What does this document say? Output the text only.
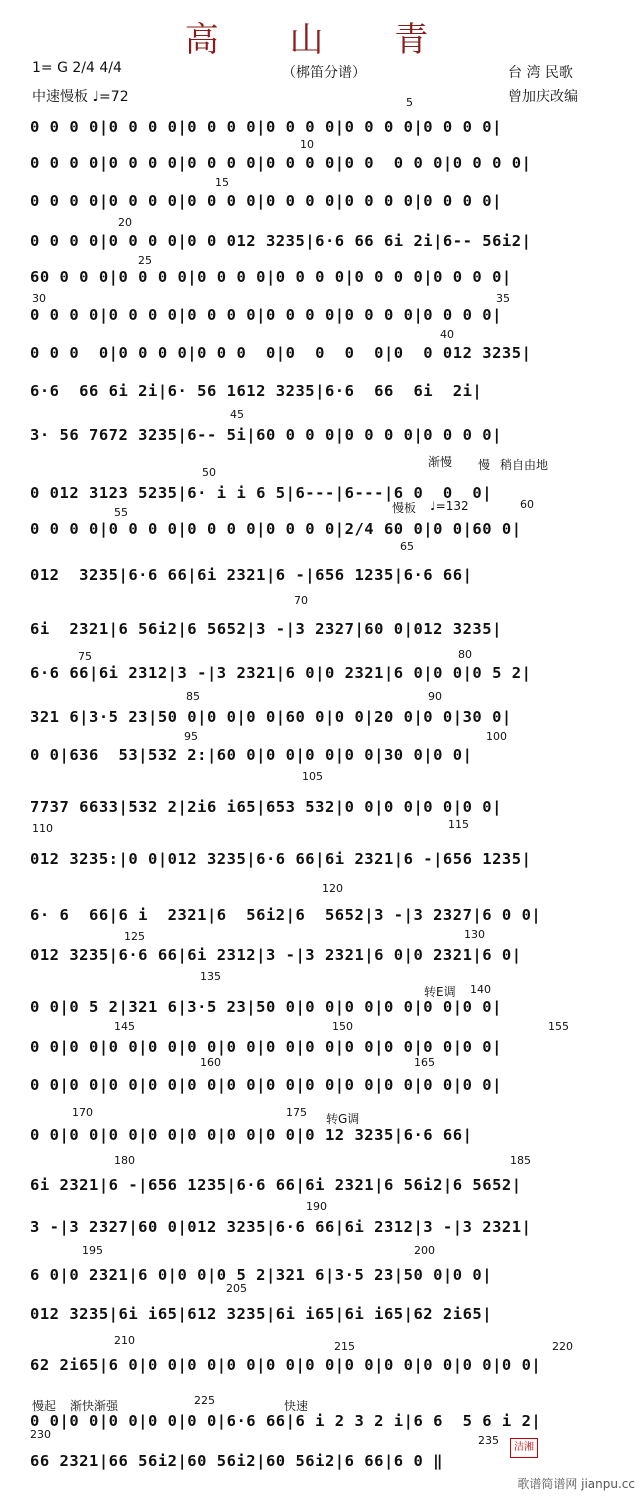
高 山 青
（梆笛分谱）
1= G 2/4 4/4
中速慢板 ♩=72
台 湾 民歌
曾加庆改编
0 0 0 0|0 0 0 0|0 0 0 0|0 0 0 0|0 0 0 0|0 0 0 0|
0 0 0 0|0 0 0 0|0 0 0 0|0 0 0 0|0 0  0 0 0|0 0 0 0|
0 0 0 0|0 0 0 0|0 0 0 0|0 0 0 0|0 0 0 0|0 0 0 0|
0 0 0 0|0 0 0 0|0 0 012 3235|6·6 66 6i 2i|6-- 56i2|
60 0 0 0|0 0 0 0|0 0 0 0|0 0 0 0|0 0 0 0|0 0 0 0|
0 0 0 0|0 0 0 0|0 0 0 0|0 0 0 0|0 0 0 0|0 0 0 0|
0 0 0  0|0 0 0 0|0 0 0  0|0  0  0  0|0  0 012 3235|
6·6  66 6i 2i|6· 56 1612 3235|6·6  66  6i  2i|
3· 56 7672 3235|6-- 5i|60 0 0 0|0 0 0 0|0 0 0 0|
0 012 3123 5235|6· i i 6 5|6---|6---|6 0  0  0|
0 0 0 0|0 0 0 0|0 0 0 0|0 0 0 0|2/4 60 0|0 0|60 0|
012  3235|6·6 66|6i 2321|6 -|656 1235|6·6 66|
6i  2321|6 56i2|6 5652|3 -|3 2327|60 0|012 3235|
6·6 66|6i 2312|3 -|3 2321|6 0|0 2321|6 0|0 0|0 5 2|
321 6|3·5 23|50 0|0 0|0 0|60 0|0 0|20 0|0 0|30 0|
0 0|636  53|532 2:|60 0|0 0|0 0|0 0|30 0|0 0|
7737 6633|532 2|2i6 i65|653 532|0 0|0 0|0 0|0 0|
012 3235:|0 0|012 3235|6·6 66|6i 2321|6 -|656 1235|
6· 6  66|6 i  2321|6  56i2|6  5652|3 -|3 2327|6 0 0|
012 3235|6·6 66|6i 2312|3 -|3 2321|6 0|0 2321|6 0|
0 0|0 5 2|321 6|3·5 23|50 0|0 0|0 0|0 0|0 0|0 0|
0 0|0 0|0 0|0 0|0 0|0 0|0 0|0 0|0 0|0 0|0 0|0 0|
0 0|0 0|0 0|0 0|0 0|0 0|0 0|0 0|0 0|0 0|0 0|0 0|
0 0|0 0|0 0|0 0|0 0|0 0|0 0|0 12 3235|6·6 66|
6i 2321|6 -|656 1235|6·6 66|6i 2321|6 56i2|6 5652|
3 -|3 2327|60 0|012 3235|6·6 66|6i 2312|3 -|3 2321|
6 0|0 2321|6 0|0 0|0 5 2|321 6|3·5 23|50 0|0 0|
012 3235|6i i65|612 3235|6i i65|6i i65|62 2i65|
62 2i65|6 0|0 0|0 0|0 0|0 0|0 0|0 0|0 0|0 0|0 0|0 0|
0 0|0 0|0 0|0 0|0 0|6·6 66|6 i 2 3 2 i|6 6  5 6 i 2|
66 2321|66 56i2|60 56i2|60 56i2|6 66|6 0 ‖
5
10
15
20
25
30	35
40
45
50
55
60
65
70
75	80
85	90
95	100
105
110	115
120
125	130
135
140
145	150	155
160	165
170	175
180	185
190
195	200
205
210	215	220
225
230	235
渐慢 慢 稍自由地
慢板 ♩=132
转E调
转G调
慢起 渐快渐强	快速
洁湘
歌谱简谱网 jianpu.cc
